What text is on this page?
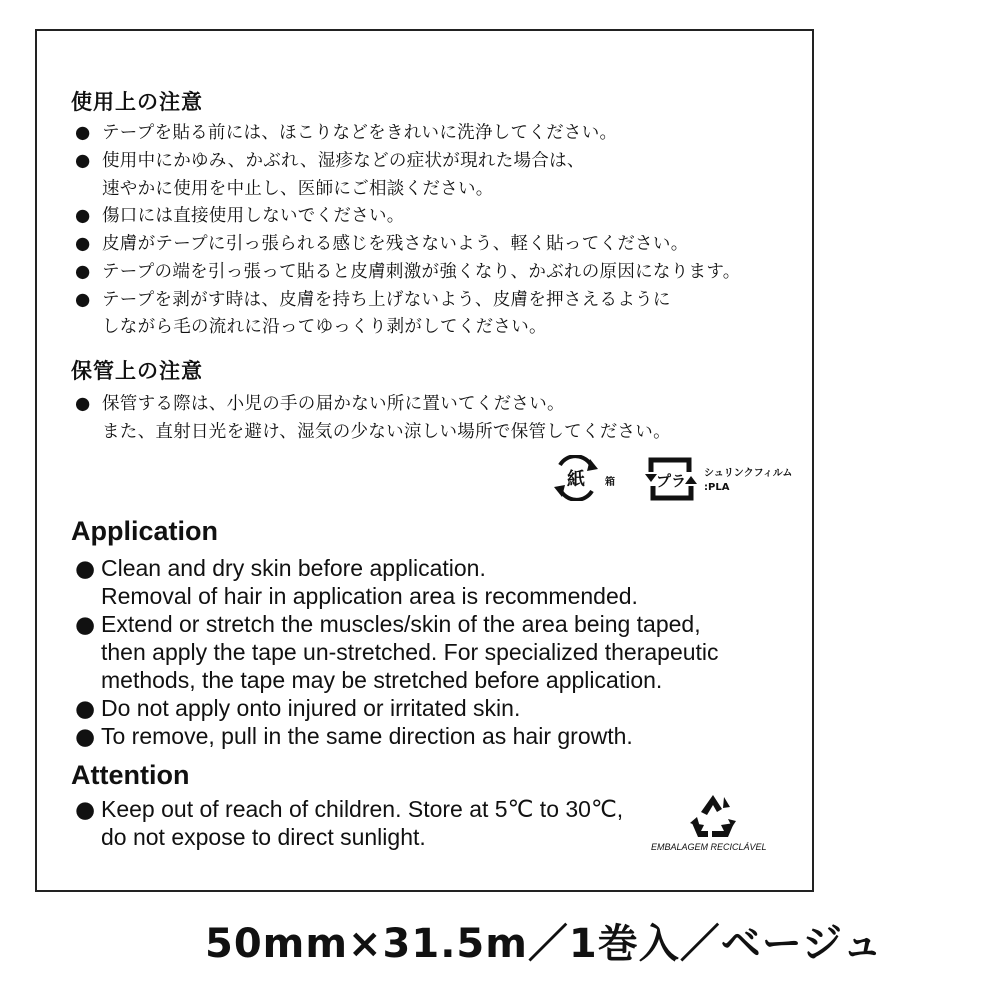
使用上の注意
● テープを貼る前には、ほこりなどをきれいに洗浄してください。
● 使用中にかゆみ、かぶれ、湿疹などの症状が現れた場合は、
速やかに使用を中止し、医師にご相談ください。
● 傷口には直接使用しないでください。
● 皮膚がテープに引っ張られる感じを残さないよう、軽く貼ってください。
● テープの端を引っ張って貼ると皮膚刺激が強くなり、かぶれの原因になります。
● テープを剥がす時は、皮膚を持ち上げないよう、皮膚を押さえるように
しながら毛の流れに沿ってゆっくり剥がしてください。
保管上の注意
● 保管する際は、小児の手の届かない所に置いてください。
また、直射日光を避け、湿気の少ない涼しい場所で保管してください。
紙 箱	プラ シュリンクフィルム
:PLA
Application
● Clean and dry skin before application.
Removal of hair in application area is recommended.
● Extend or stretch the muscles/skin of the area being taped,
then apply the tape un-stretched. For specialized therapeutic
methods, the tape may be stretched before application.
● Do not apply onto injured or irritated skin.
● To remove, pull in the same direction as hair growth.
Attention
● Keep out of reach of children. Store at 5℃ to 30℃,
do not expose to direct sunlight.	EMBALAGEM RECICLÁVEL
50mm×31.5m／1巻入／ベージュ
